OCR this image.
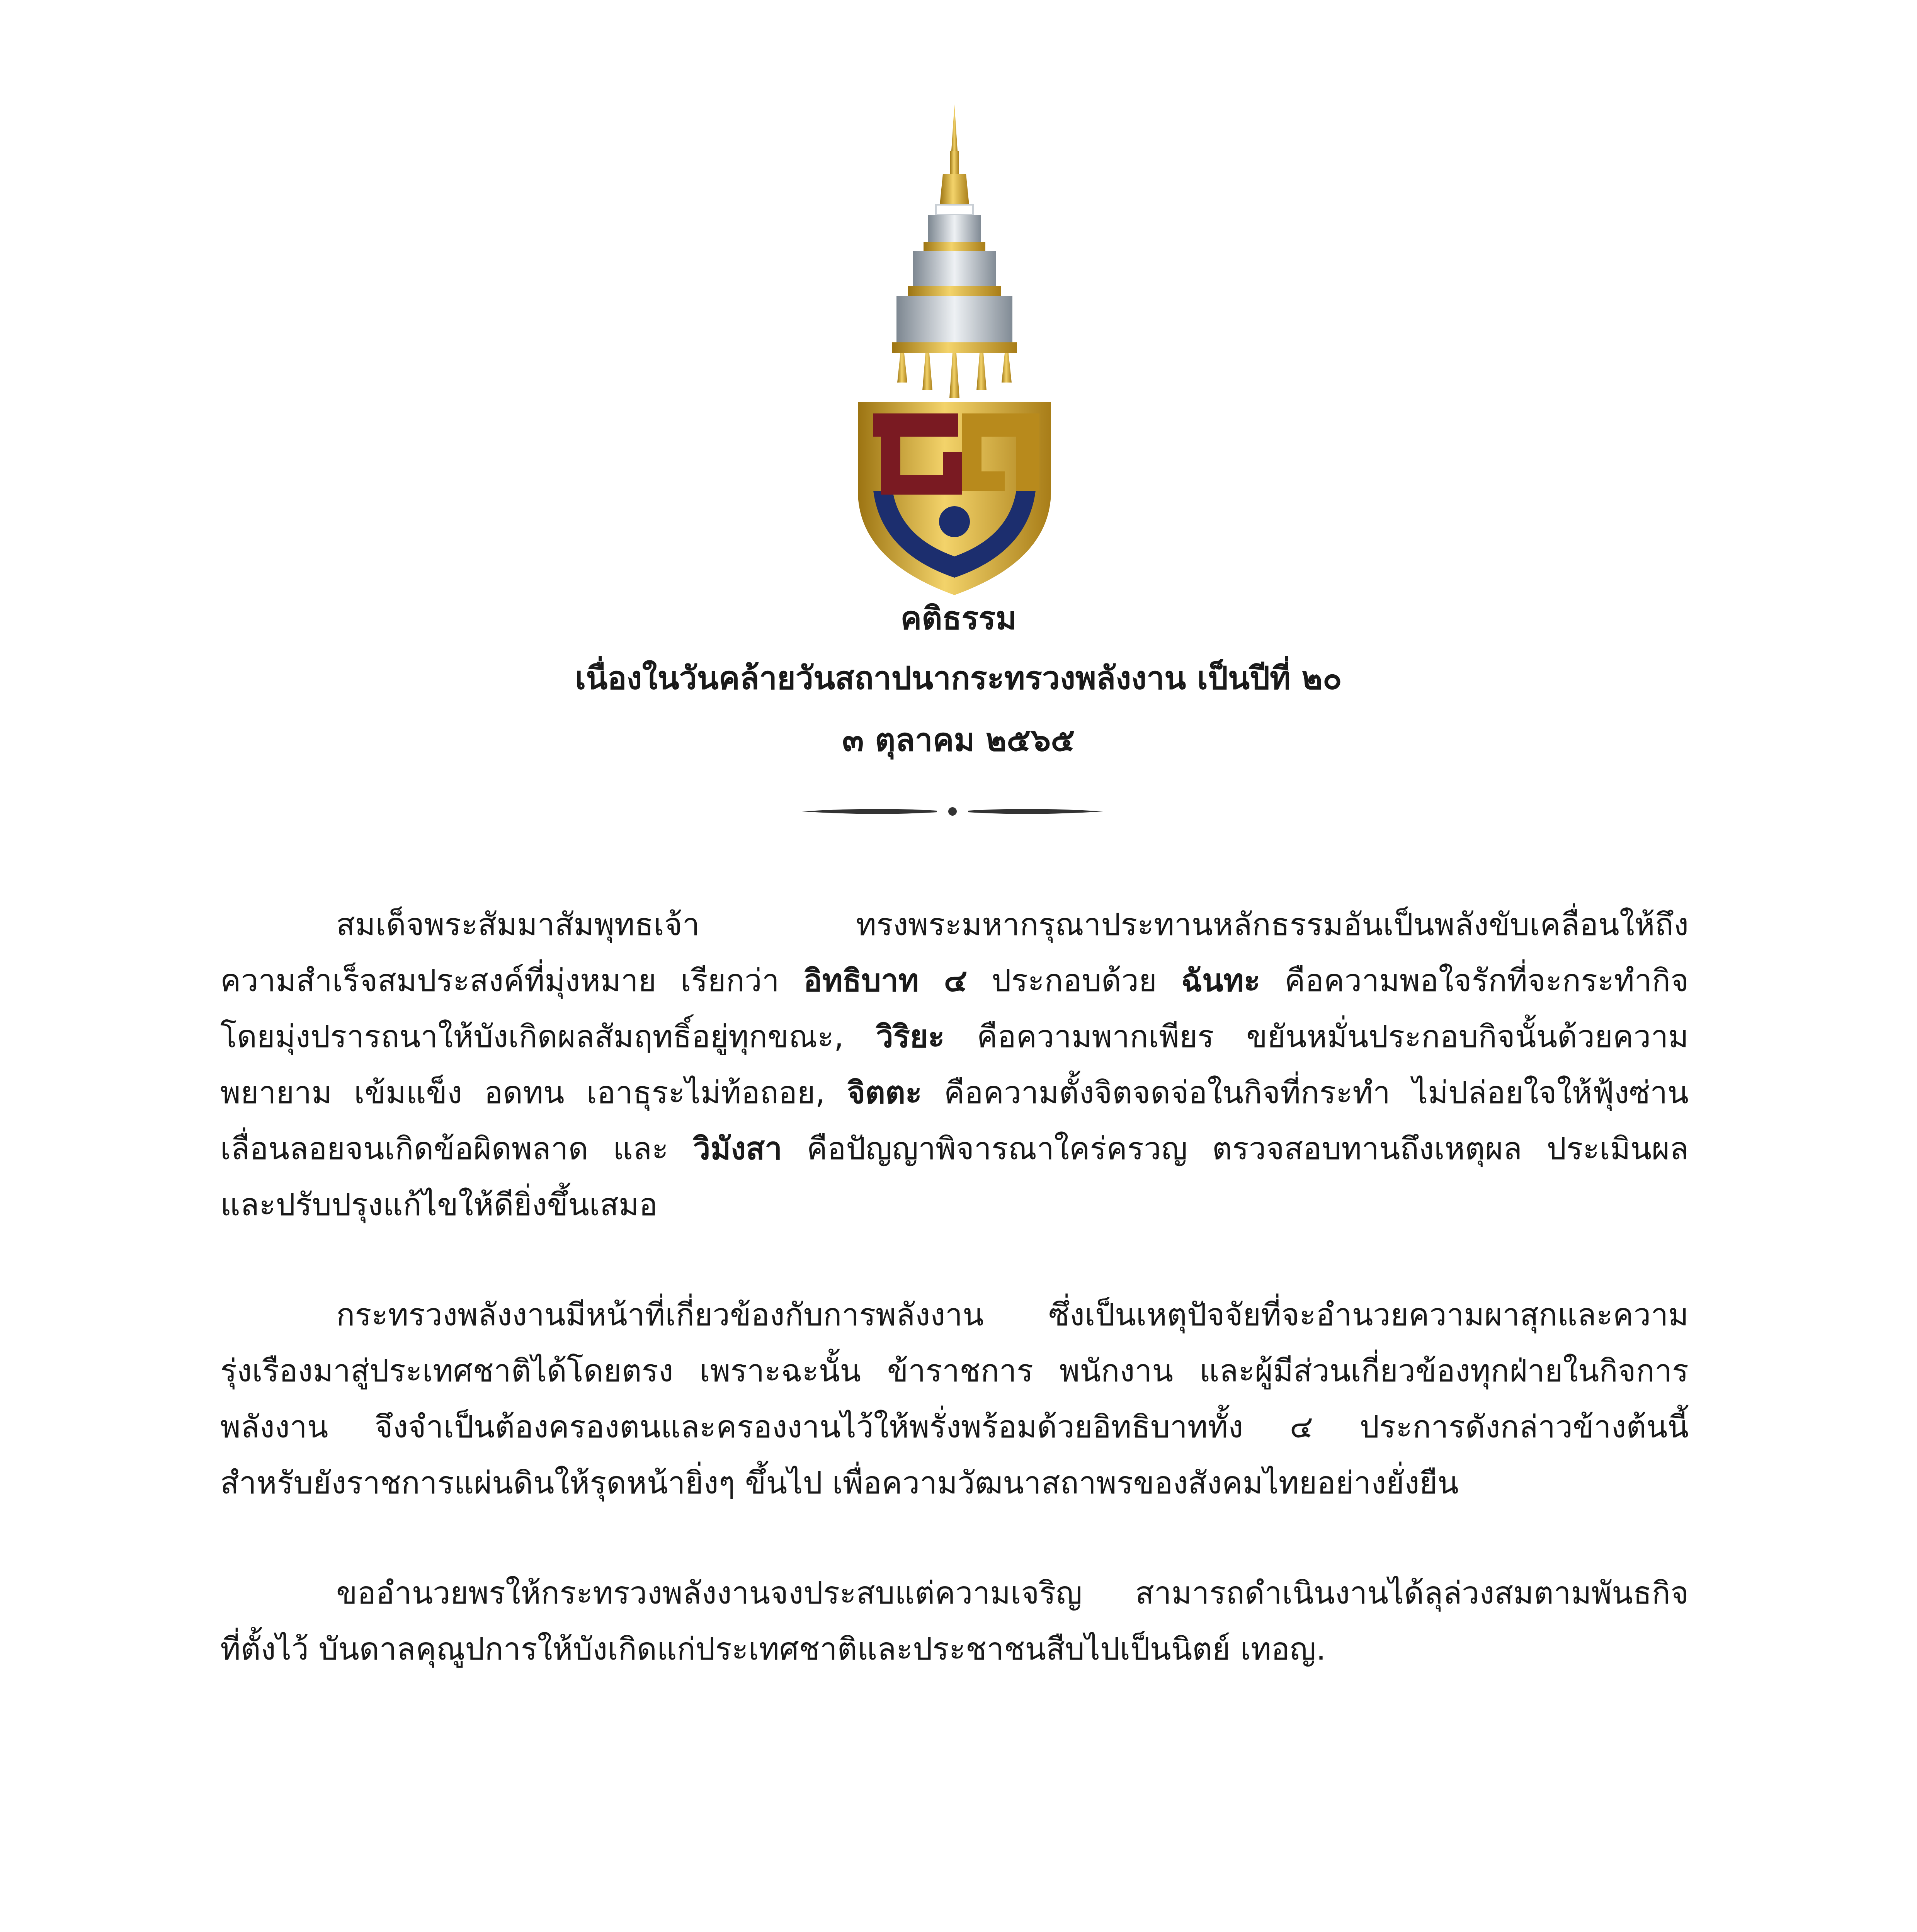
คติธรรม
เนื่องในวันคล้ายวันสถาปนากระทรวงพลังงาน เป็นปีที่ ๒๐
๓ ตุลาคม ๒๕๖๕
สมเด็จพระสัมมาสัมพุทธเจ้า ทรงพระมหากรุณาประทานหลักธรรมอันเป็นพลังขับเคลื่อนให้ถึง
ความสำเร็จสมประสงค์ที่มุ่งหมาย เรียกว่า อิทธิบาท ๔ ประกอบด้วย ฉันทะ คือความพอใจรักที่จะกระทำกิจ
โดยมุ่งปรารถนาให้บังเกิดผลสัมฤทธิ์อยู่ทุกขณะ, วิริยะ คือความพากเพียร ขยันหมั่นประกอบกิจนั้นด้วยความ
พยายาม เข้มแข็ง อดทน เอาธุระไม่ท้อถอย, จิตตะ คือความตั้งจิตจดจ่อในกิจที่กระทำ ไม่ปล่อยใจให้ฟุ้งซ่าน
เลื่อนลอยจนเกิดข้อผิดพลาด และ วิมังสา คือปัญญาพิจารณาใคร่ครวญ ตรวจสอบทานถึงเหตุผล ประเมินผล
และปรับปรุงแก้ไขให้ดียิ่งขึ้นเสมอ
กระทรวงพลังงานมีหน้าที่เกี่ยวข้องกับการพลังงาน ซึ่งเป็นเหตุปัจจัยที่จะอำนวยความผาสุกและความ
รุ่งเรืองมาสู่ประเทศชาติได้โดยตรง เพราะฉะนั้น ข้าราชการ พนักงาน และผู้มีส่วนเกี่ยวข้องทุกฝ่ายในกิจการ
พลังงาน จึงจำเป็นต้องครองตนและครองงานไว้ให้พรั่งพร้อมด้วยอิทธิบาททั้ง ๔ ประการดังกล่าวข้างต้นนี้
สำหรับยังราชการแผ่นดินให้รุดหน้ายิ่งๆ ขึ้นไป เพื่อความวัฒนาสถาพรของสังคมไทยอย่างยั่งยืน
ขออำนวยพรให้กระทรวงพลังงานจงประสบแต่ความเจริญ สามารถดำเนินงานได้ลุล่วงสมตามพันธกิจ
ที่ตั้งไว้ บันดาลคุณูปการให้บังเกิดแก่ประเทศชาติและประชาชนสืบไปเป็นนิตย์ เทอญ.
